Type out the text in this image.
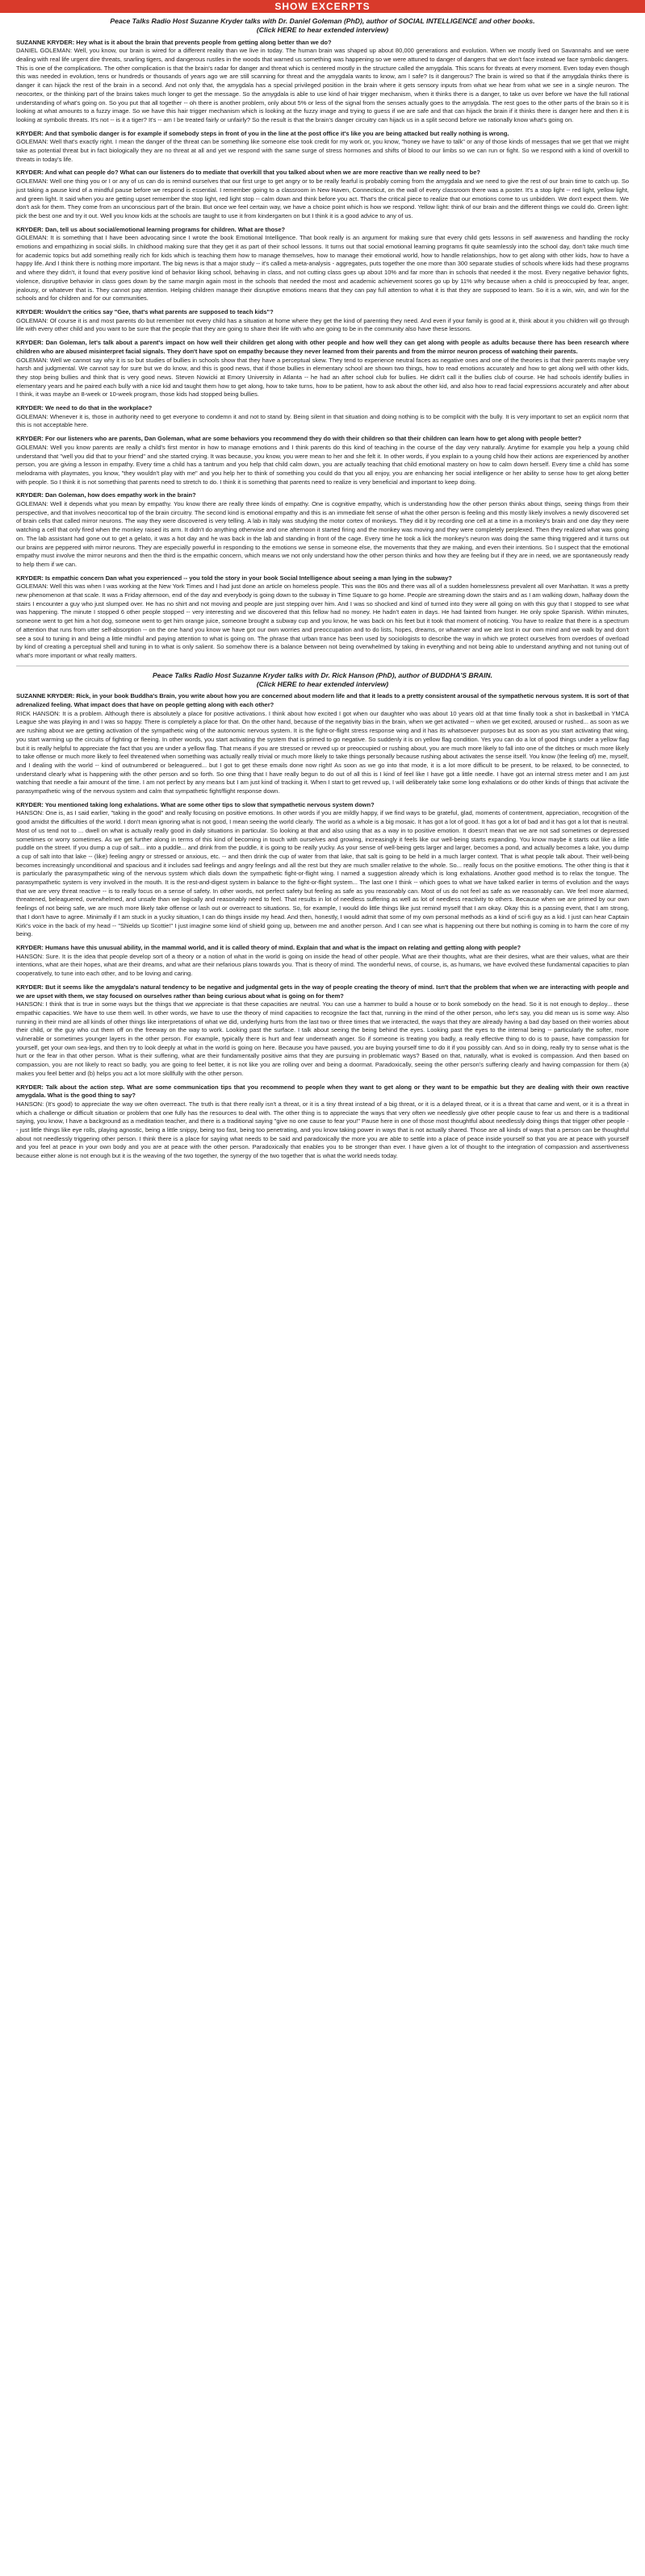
SHOW EXCERPTS
Peace Talks Radio Host Suzanne Kryder talks with Dr. Daniel Goleman (PhD), author of SOCIAL INTELLIGENCE and other books.
(Click HERE to hear extended interview)

SUZANNE KRYDER: Hey what is it about the brain that prevents people from getting along better than we do?

DANIEL GOLEMAN: Well, you know, our brain is wired for a different reality than we live in today. The human brain was shaped up about 80,000 generations and evolution. When we mostly lived on Savannahs and we were dealing with real life urgent dire threats, snarling tigers, and dangerous rustles in the woods that warned us something was happening so we were attuned to danger of dangers that we don't face instead we face symbolic dangers. This is one of the complications. The other complication is that the brain's radar for danger and threat which is centered mostly in the structure called the amygdala. This scans for threats at every moment. Even today even though this was needed in evolution, tens or hundreds or thousands of years ago we are still scanning for threat and the amygdala wants to know, am I safe? Is it dangerous? The brain is wired so that if the amygdala thinks there is danger it can hijack the rest of the brain in a second. And not only that, the amygdala has a special privileged position in the brain where it gets sensory inputs from what we hear from what we see in a single neuron. The neocortex, or the thinking part of the brains takes much longer to get the message. So the amygdala is able to use kind of hair trigger mechanism, when it thinks there is a danger, to take us over before we have the full rational understanding of what's going on. So you put that all together -- oh there is another problem, only about 5% or less of the signal from the senses actually goes to the amygdala. The rest goes to the other parts of the brain so it is looking at what amounts to a fuzzy image. So we have this hair trigger mechanism which is looking at the fuzzy image and trying to guess if we are safe and that can hijack the brain if it thinks there is danger here and then it is looking at symbolic threats. It's not -- is it a tiger? It's -- am I be treated fairly or unfairly? So the result is that the brain's danger circuitry can hijack us in a split second before we rationally know what's going on.

KRYDER: And that symbolic danger is for example if somebody steps in front of you in the line at the post office it's like you are being attacked but really nothing is wrong.

GOLEMAN: Well that's exactly right. I mean the danger of the threat can be something like someone else took credit for my work or, you know, "honey we have to talk" or any of those kinds of messages that we get that we might take as potential threat but in fact biologically they are no threat at all and yet we respond with the same surge of stress hormones and shifts of blood to our limbs so we can run or fight. So we respond with a kind of overkill to threats in today's life.

KRYDER: And what can people do? What can our listeners do to mediate that overkill that you talked about when we are more reactive than we really need to be?

GOLEMAN: Well one thing you or I or any of us can do is remind ourselves that our first urge to get angry or to be really fearful is probably coming from the amygdala and we need to give the rest of our brain time to catch up. So just taking a pause kind of a mindful pause before we respond is essential. I remember going to a classroom in New Haven, Connecticut, on the wall of every classroom there was a poster. It's a stop light -- red light, yellow light, and green light. It said when you are getting upset remember the stop light, red light stop -- calm down and think before you act. That's the critical piece to realize that our emotions come to us unbidden. We don't expect them. We don't ask for them. They come from an unconscious part of the brain. But once we feel certain way, we have a choice point which is how we respond. Yellow light: think of our brain and the different things we could do. Green light: pick the best one and try it out. Well you know kids at the schools are taught to use it from kindergarten on but I think it is a good advice to any of us.

KRYDER: Dan, tell us about social/emotional learning programs for children. What are those?

GOLEMAN: It is something that I have been advocating since I wrote the book Emotional Intelligence. That book really is an argument for making sure that every child gets lessons in self awareness and handling the rocky emotions and empathizing in social skills. In childhood making sure that they get it as part of their school lessons. It turns out that social emotional learning programs fit quite seamlessly into the school day, don't take much time for academic topics but add something really rich for kids which is teaching them how to manage themselves, how to manage their emotional world, how to handle relationships, how to get along with other kids, how to have a happy life. And I think there is nothing more important. The big news is that a major study -- it's called a meta-analysis - aggregates, puts together the one more than 300 separate studies of schools where kids had these programs and where they didn't, it found that every positive kind of behavior liking school, behaving in class, and not cutting class goes up about 10% and far more than in schools that needed it the most. Every negative behavior fights, violence, disruptive behavior in class goes down by the same margin again most in the schools that needed the most and academic achievement scores go up by 11% why because when a child is preoccupied by fear, anger, jealousy, or whatever that is. They cannot pay attention. Helping children manage their disruptive emotions means that they can pay full attention to what it is that they are supposed to learn. So it is a win, win, and win for the schools and for children and for our communities.

KRYDER: Wouldn't the critics say "Gee, that's what parents are supposed to teach kids"?

GOLEMAN: Of course it is and most parents do but remember not every child has a situation at home where they get the kind of parenting they need. And even if your family is good at it, think about it you children will go through life with every other child and you want to be sure that the people that they are going to share their life with who are going to be in the community also have these lessons.

KRYDER: Dan Goleman, let's talk about a parent's impact on how well their children get along with other people and how well they can get along with people as adults because there has been research where children who are abused misinterpret facial signals. They don't have spot on empathy because they never learned from their parents and from the mirror neuron process of watching their parents.

GOLEMAN: Well we cannot say why it is so but studies of bullies in schools show that they have a perceptual skew. They tend to experience neutral faces as negative ones and one of the theories is that their parents maybe very harsh and judgmental. We cannot say for sure but we do know, and this is good news, that if those bullies in elementary school are shown two things, how to read emotions accurately and how to get along well with other kids, they stop being bullies and think that is very good news. Steven Nowicki at Emory University in Atlanta -- he had an after school club for bullies. He didn't call it the bullies club of course. He had schools identify bullies in elementary years and he paired each bully with a nice kid and taught them how to get along, how to take turns, how to be patient, how to ask about the other kid, and also how to read facial expressions accurately and after about I think, it was maybe an 8-week or 10-week program, those kids had stopped being bullies.

KRYDER: We need to do that in the workplace?

GOLEMAN: Whenever it is, those in authority need to get everyone to condemn it and not to stand by. Being silent in that situation and doing nothing is to be complicit with the bully. It is very important to set an explicit norm that this is not acceptable here.

KRYDER: For our listeners who are parents, Dan Goleman, what are some behaviors you recommend they do with their children so that their children can learn how to get along with people better?

GOLEMAN: Well you know parents are really a child's first mentor in how to manage emotions and I think parents do this kind of teaching in the course of the day very naturally. Anytime for example you help a young child understand that "well you did that to your friend" and she started crying. It was because, you know, you were mean to her and she felt it. In other words, if you explain to a young child how their actions are experienced by another person, you are giving a lesson in empathy. Every time a child has a tantrum and you help that child calm down, you are actually teaching that child emotional mastery on how to calm down herself. Every time a child has some melodrama with playmates, you know, "they wouldn't play with me" and you help her to think of something you could do that you all enjoy, you are enhancing her social intelligence or her ability to sense how to get along better with people. So I think it is not something that parents need to stretch to do. I think it is something that parents need to realize is very beneficial and important to keep doing.

KRYDER: Dan Goleman, how does empathy work in the brain?

GOLEMAN: Well it depends what you mean by empathy. You know there are really three kinds of empathy. One is cognitive empathy, which is understanding how the other person thinks about things, seeing things from their perspective, and that involves neocortical top of the brain circuitry. The second kind is emotional empathy and this is an immediate felt sense of what the other person is feeling and this mostly likely involves a newly discovered set of brain cells that called mirror neurons. The way they were discovered is very telling. A lab in Italy was studying the motor cortex of monkeys. They did it by recording one cell at a time in a monkey's brain and one day they were watching a cell that only fired when the monkey raised its arm. It didn't do anything otherwise and one afternoon it started firing and the monkey was moving and they were completely perplexed. Then they realized what was going on. The lab assistant had gone out to get a gelato, it was a hot day and he was back in the lab and standing in front of the cage. Every time he took a lick the monkey's neuron was doing the same thing triggered and it turns out our brains are peppered with mirror neurons. They are especially powerful in responding to the emotions we sense in someone else, the movements that they are making, and even their intentions. So I suspect that the emotional empathy must involve the mirror neurons and then the third is the empathic concern, which means we not only understand how the other person thinks and how they are feeling but if they are in need, we are spontaneously ready to help them if we can.

KRYDER: Is empathic concern Dan what you experienced -- you told the story in your book Social Intelligence about seeing a man lying in the subway?

GOLEMAN: Well this was when I was working at the New York Times and I had just done an article on homeless people. This was the 80s and there was all of a sudden homelessness prevalent all over Manhattan. It was a pretty new phenomenon at that scale. It was a Friday afternoon, end of the day and everybody is going down to the subway in Time Square to go home. People are streaming down the stairs and as I am walking down, halfway down the stairs I encounter a guy who just slumped over. He has no shirt and not moving and people are just stepping over him. And I was so shocked and kind of turned into they were all going on with this guy that I stopped to see what was happening. The minute I stopped 6 other people stopped -- very interesting and we discovered that this fellow had no money. He hadn't eaten in days. He had fainted from hunger. He only spoke Spanish. Within minutes, someone went to get him a hot dog, someone went to get him orange juice, someone brought a subway cup and you know, he was back on his feet but it took that moment of noticing. You have to realize that there is a spectrum of attention that runs from utter self-absorption -- on the one hand you know we have got our own worries and preoccupation and to do lists, hopes, dreams, or whatever and we are lost in our own mind and we walk by and don't see a soul to tuning in and being a little mindful and paying attention to what is going on. The phrase that urban trance has been used by sociologists to describe the way in which we protect ourselves from overdoes of overload by kind of creating a perceptual shell and tuning in to what is only salient. So somehow there is a balance between not being overwhelmed by taking in everything and not being able to understand anything and not tuning out of what's more important or what really matters.

Peace Talks Radio Host Suzanne Kryder talks with Dr. Rick Hanson (PhD), author of BUDDHA'S BRAIN.
(Click HERE to hear extended interview)

SUZANNE KRYDER: Rick, in your book Buddha's Brain, you write about how you are concerned about modern life and that it leads to a pretty consistent arousal of the sympathetic nervous system. It is sort of that adrenalized feeling. What impact does that have on people getting along with each other?

RICK HANSON: It is a problem. Although there is absolutely a place for positive activations. I think about how excited I got when our daughter who was about 10 years old at that time finally took a shot in basketball in YMCA League she was playing in and I was so happy. There is completely a place for that. On the other hand, because of the negativity bias in the brain, when we get activated -- when we get excited, aroused or rushed... as soon as we are rushing about we are getting activation of the sympathetic wing of the autonomic nervous system. It is the fight-or-flight stress response wing and it has its whatsoever purposes but as soon as you start activating that wing, you start warming up the circuits of fighting or fleeing. In other words, you start activating the system that is primed to go negative. So suddenly it is on yellow flag condition. Yes you can do a lot of good things under a yellow flag but it is really helpful to appreciate the fact that you are under a yellow flag. That means if you are stressed or revved up or preoccupied or rushing about, you are much more likely to fall into one of the ditches or much more likely to take offense or much more likely to feel threatened when something was actually really trivial or much more likely to take things personally because rushing about activates the sense itself. You know (the feeling of) me, myself, and I dealing with the world -- kind of outnumbered or beleaguered... but I got to get these emails done now right! As soon as we go into that mode, it is a lot more difficult to be present, to be relaxed, to be connected, to understand clearly what is happening with the other person and so forth. So one thing that I have really begun to do out of all this is I kind of feel like I have got a little needle. I have got an internal stress meter and I am just watching that needle a fair amount of the time. I am not perfect by any means but I am just kind of tracking it. When I start to get revved up, I will deliberately take some long exhalations or do other kinds of things that activate the parasympathetic wing of the nervous system and calm that sympathetic fight/flight response down.

KRYDER: You mentioned taking long exhalations. What are some other tips to slow that sympathetic nervous system down?

HANSON: One is, as I said earlier, "taking in the good" and really focusing on positive emotions. In other words if you are mildly happy, if we find ways to be grateful, glad, moments of contentment, appreciation, recognition of the good amidst the difficulties of the world. I don't mean ignoring what is not good, I mean seeing the world clearly. The world as a whole is a big mosaic. It has got a lot of good. It has got a lot of bad and it has got a lot that is neutral. Most of us tend not to ... dwell on what is actually really good in daily situations in particular. So looking at that and also using that as a way in to positive emotion. It doesn't mean that we are not sad sometimes or depressed sometimes or worry sometimes. As we get further along in terms of this kind of becoming in touch with ourselves and growing, increasingly it feels like our well-being starts expanding. You know maybe it starts out like a little puddle on the street. If you dump a cup of salt... into a puddle... and drink from the puddle, it is going to be really yucky. As your sense of well-being gets larger and larger, becomes a pond, and actually becomes a lake, you dump a cup of salt into that lake -- (like) feeling angry or stressed or anxious, etc. -- and then drink the cup of water from that lake, that salt is going to be held in a much larger context. That is what people talk about. Their well-being becomes increasingly unconditional and spacious and it includes sad feelings and angry feelings and all the rest but they are much smaller relative to the whole. So... really focus on the positive emotions. The other thing is that it is particularly the parasympathetic wing of the nervous system which dials down the sympathetic fight-or-flight wing. I named a suggestion already which is long exhalations. Another good method is to relax the tongue. The parasympathetic system is very involved in the mouth. It is the rest-and-digest system in balance to the fight-or-flight system... The last one I think -- which goes to what we have talked earlier in terms of evolution and the ways that we are very threat reactive -- is to really focus on a sense of safety. In other words, not perfect safety but feeling as safe as you reasonably can. Most of us do not feel as safe as we reasonably can. We feel more alarmed, threatened, beleaguered, overwhelmed, and unsafe than we logically and reasonably need to feel. That results in lot of needless suffering as well as lot of needless reactivity to others. Because when we are primed by our own feelings of not being safe, we are much more likely take offense or lash out or overreact to situations. So, for example, I would do little things like just remind myself that I am okay. Okay this is a passing event, that I am strong, that I don't have to agree. Minimally if I am stuck in a yucky situation, I can do things inside my head. And then, honestly, I would admit that some of my own personal methods as a kind of sci-fi guy as a kid. I just can hear Captain Kirk's voice in the back of my head -- "Shields up Scottie!" I just imagine some kind of shield going up, between me and another person. And I can see what is happening out there but nothing is coming in to harm the core of my being.

KRYDER: Humans have this unusual ability, in the mammal world, and it is called theory of mind. Explain that and what is the impact on relating and getting along with people?

HANSON: Sure. It is the idea that people develop sort of a theory or a notion of what in the world is going on inside the head of other people. What are their thoughts, what are their desires, what are their values, what are their intentions, what are their hopes, what are their dreams, and what are their nefarious plans towards you. That is theory of mind. The wonderful news, of course, is, as humans, we have evolved these fundamental capacities to plan cooperatively, to tune into each other, and to be loving and caring.

KRYDER: But it seems like the amygdala's natural tendency to be negative and judgmental gets in the way of people creating the theory of mind. Isn't that the problem that when we are interacting with people and we are upset with them, we stay focused on ourselves rather than being curious about what is going on for them?

HANSON: I think that is true in some ways but the things that we appreciate is that these capacities are neutral. You can use a hammer to build a house or to bonk somebody on the head. So it is not enough to deploy... these empathic capacities. We have to use them well. In other words, we have to use the theory of mind capacities to recognize the fact that, running in the mind of the other person, who let's say, you did mean us is some way. Also running in their mind are all kinds of other things like interpretations of what we did, underlying hurts from the last two or three times that we interacted, the ways that they are already having a bad day based on their worries about their child, or the guy who cut them off on the freeway on the way to work. Looking past the surface. I talk about seeing the being behind the eyes. Looking past the eyes to the internal being -- particularly the softer, more vulnerable or sometimes younger layers in the other person. For example, typically there is hurt and fear underneath anger. So if someone is treating you badly, a really effective thing to do is to pause, have compassion for yourself, get your own sea-legs, and then try to look deeply at what in the world is going on here. Because you have paused, you are buying yourself time to do it if you possibly can. And so in doing, really try to sense what is the hurt or the fear in that other person. What is their suffering, what are their fundamentally positive aims that they are pursuing in problematic ways? Based on that, naturally, what is evoked is compassion. And then based on compassion, you are not likely to react so badly, you are going to feel better, it is not like you are rolling over and being a doormat. Paradoxically, seeing the other person's suffering clearly and having compassion for them (a) makes you feel better and (b) helps you act a lot more skillfully with the other person.

KRYDER: Talk about the action step. What are some communication tips that you recommend to people when they want to get along or they want to be empathic but they are dealing with their own reactive amygdala. What is the good thing to say?

HANSON: (It's good) to appreciate the way we often overreact. The truth is that there really isn't a threat, or it is a tiny threat instead of a big threat, or it is a delayed threat, or it is a threat that came and went, or it is a threat in which a challenge or difficult situation or problem that one fully has the resources to deal with. The other thing is to appreciate the ways that very often we needlessly give other people cause to fear us and there is a traditional saying, you know, I have a background as a meditation teacher, and there is a traditional saying "give no one cause to fear you!" Pause here in one of those most thoughtful about needlessly doing things that trigger other people -- just little things like eye rolls, playing agnostic, being a little snippy, being too fast, being too penetrating, and you know taking power in ways that is not actually shared. Those are all kinds of ways that a person can be thoughtful about not needlessly triggering other person. I think there is a place for saying what needs to be said and paradoxically the more you are able to settle into a place of peace inside yourself so that you are at peace with yourself and you feel at peace in your own body and you are at peace with the other person. Paradoxically that enables you to be stronger than ever. I have given a lot of thought to the integration of compassion and assertiveness because either alone is not enough but it is the weaving of the two together, the synergy of the two together that is what the world needs today.
